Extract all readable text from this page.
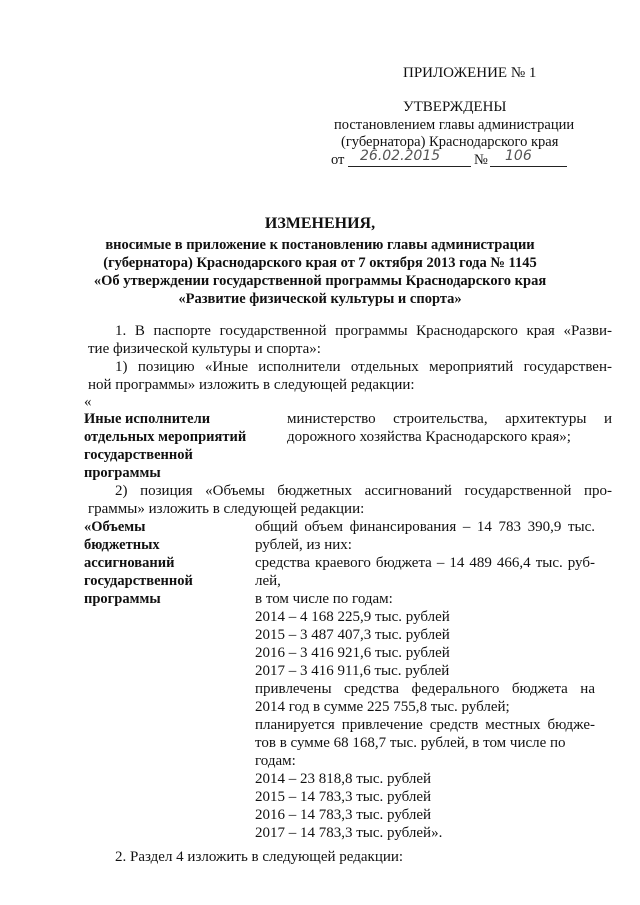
ПРИЛОЖЕНИЕ № 1
УТВЕРЖДЕНЫ
постановлением главы администрации
(губернатора) Краснодарского края
от 26.02.2015 № 106
ИЗМЕНЕНИЯ,
вносимые в приложение к постановлению главы администрации
(губернатора) Краснодарского края от 7 октября 2013 года № 1145
«Об утверждении государственной программы Краснодарского края
«Развитие физической культуры и спорта»
1. В паспорте государственной программы Краснодарского края «Разви-
тие физической культуры и спорта»:
1) позицию «Иные исполнители отдельных мероприятий государствен-
ной программы» изложить в следующей редакции:
«
Иные исполнители
отдельных мероприятий
государственной
программы
министерство строительства, архитектуры и
дорожного хозяйства Краснодарского края»;
2) позиция «Объемы бюджетных ассигнований государственной про-
граммы» изложить в следующей редакции:
«Объемы
бюджетных
ассигнований
государственной
программы
общий объем финансирования – 14 783 390,9 тыс.
рублей, из них:
средства краевого бюджета – 14 489 466,4 тыс. руб-
лей,
в том числе по годам:
2014 – 4 168 225,9 тыс. рублей
2015 – 3 487 407,3 тыс. рублей
2016 – 3 416 921,6 тыс. рублей
2017 – 3 416 911,6 тыс. рублей
привлечены средства федерального бюджета на
2014 год в сумме 225 755,8 тыс. рублей;
планируется привлечение средств местных бюдже-
тов в сумме 68 168,7 тыс. рублей, в том числе по
годам:
2014 – 23 818,8 тыс. рублей
2015 – 14 783,3 тыс. рублей
2016 – 14 783,3 тыс. рублей
2017 – 14 783,3 тыс. рублей».
2. Раздел 4 изложить в следующей редакции:
